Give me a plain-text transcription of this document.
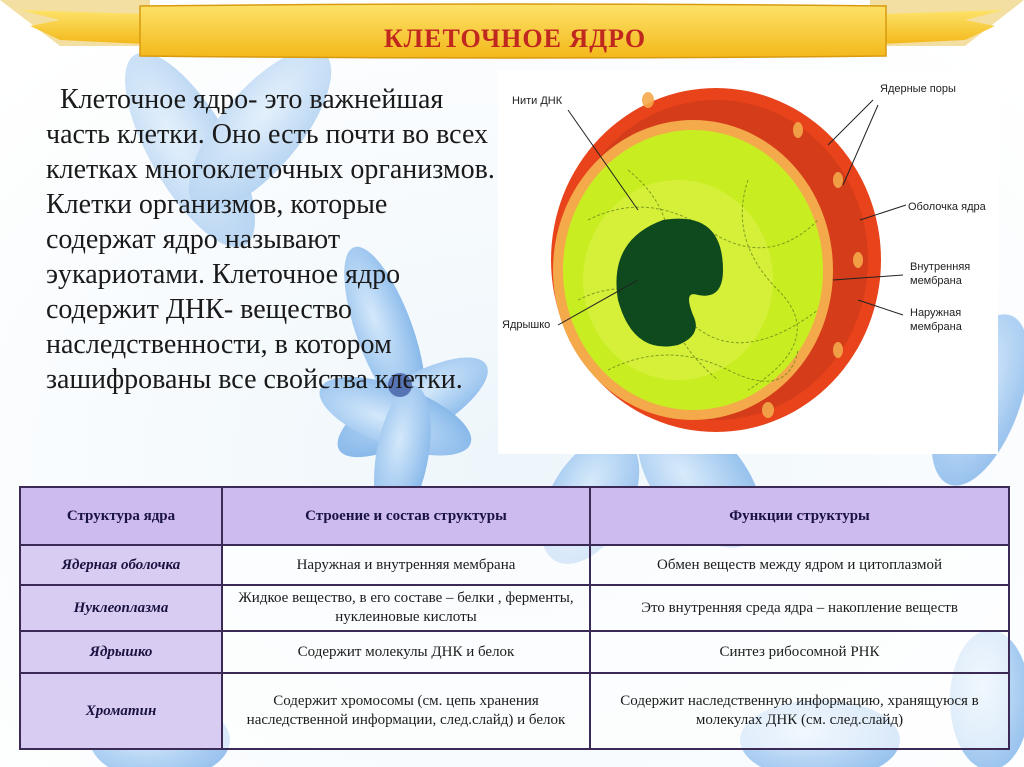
КЛЕТОЧНОЕ ЯДРО
Клеточное ядро- это важнейшая часть клетки. Оно есть почти во всех клетках многоклеточных организмов. Клетки организмов, которые содержат ядро называют эукариотами. Клеточное ядро содержит ДНК- вещество наследственности, в котором зашифрованы все свойства клетки.
Нити ДНК
Ядерные поры
Оболочка ядра
Внутренняя мембрана
Наружная мембрана
Ядрышко
Структура ядра	Строение и состав структуры	Функции структуры
Ядерная оболочка	Наружная и внутренняя мембрана	Обмен веществ между ядром и цитоплазмой
Нуклеоплазма	Жидкое вещество, в его составе – белки , ферменты, нуклеиновые кислоты	Это внутренняя среда ядра – накопление веществ
Ядрышко	Содержит молекулы ДНК и белок	Синтез рибосомной РНК
Хроматин	Содержит хромосомы (см. цепь хранения наследственной информации, след.слайд) и белок	Содержит наследственную информацию, хранящуюся в молекулах ДНК (см. след.слайд)
